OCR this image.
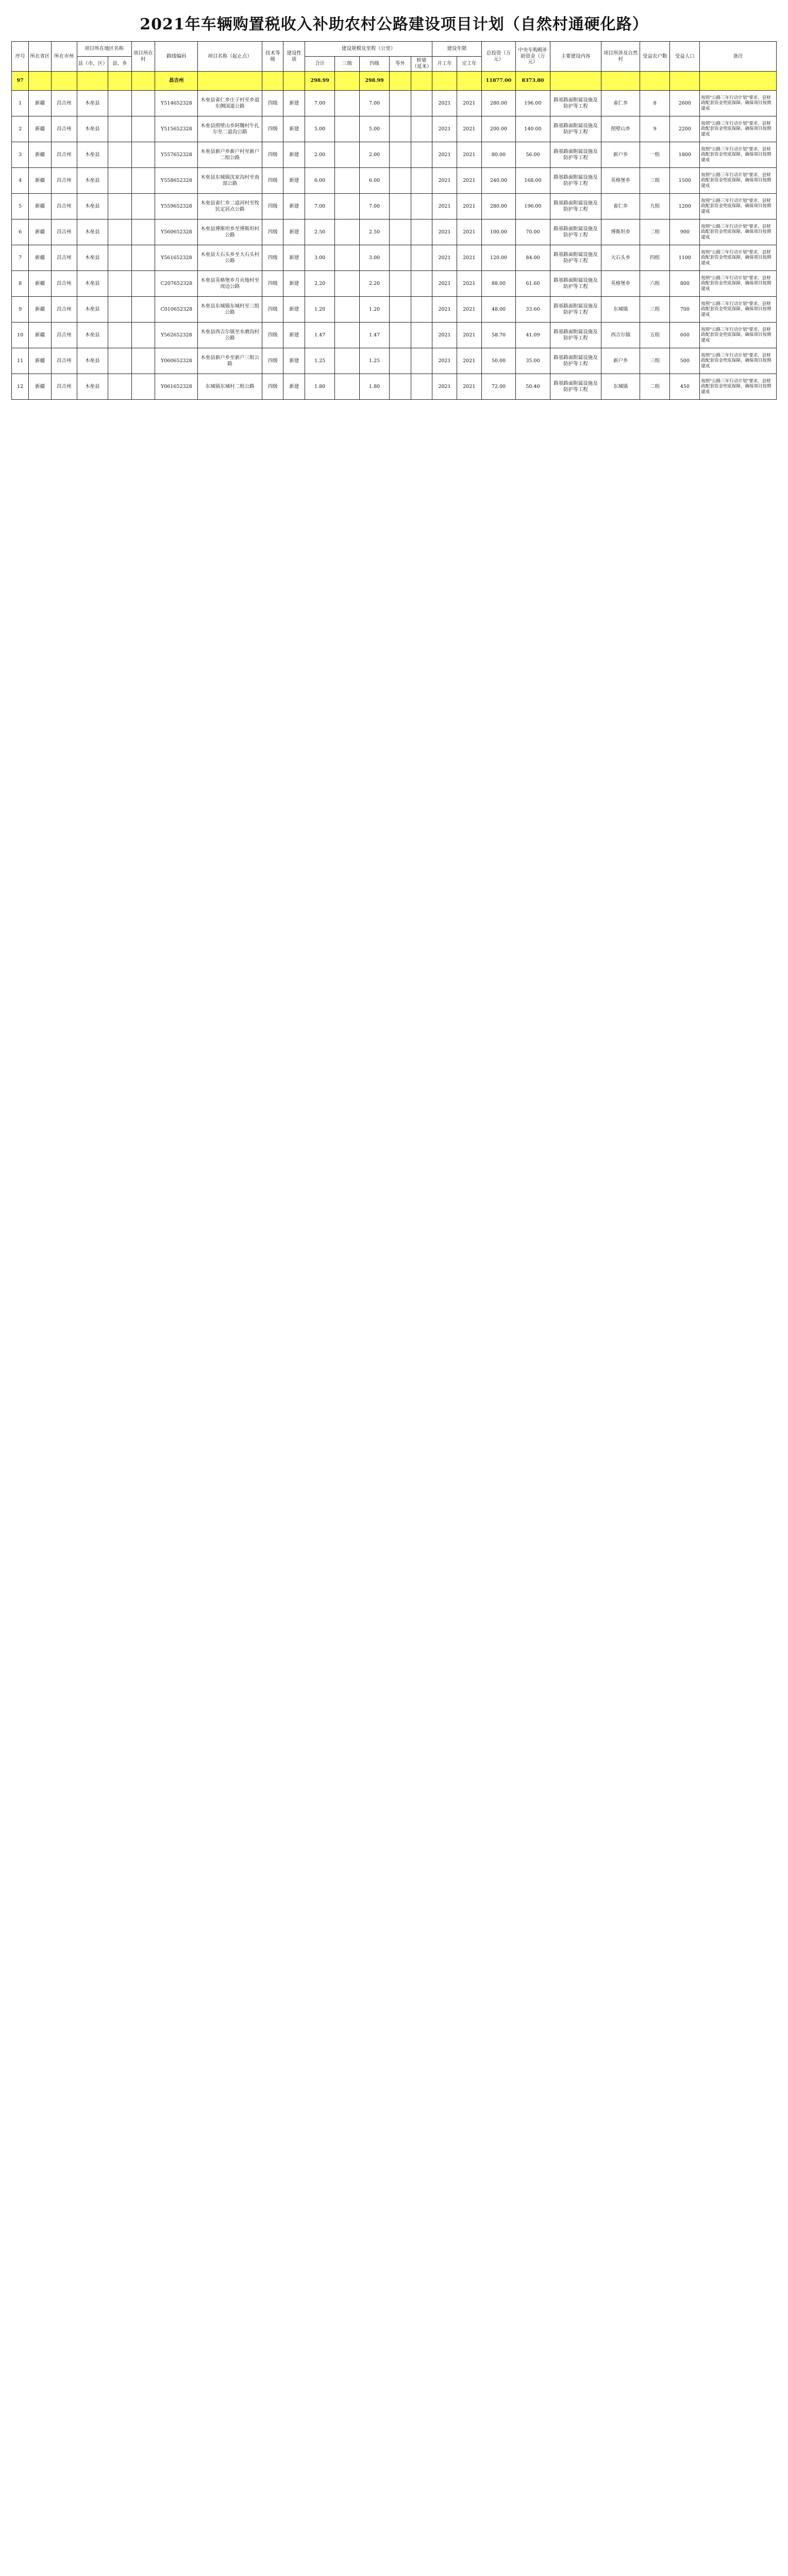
2021年车辆购置税收入补助农村公路建设项目计划（自然村通硬化路）
序号	所在省区	所在市州	项目所在地区名称		项目所在村	路线编码	项目名称（起止点）	技术等级	建设性质	建设规模及里程（公里）					建设年限		总投资（万元）	中央车购税补助资金（万元）	主要建设内容	项目所涉及自然村	受益农户数	受益人口	备注
			县（市、区）	县、乡						合计	三级	四级	等外	桥梁（延米）	开工年	完工年							
97						昌吉州				298.99		298.99					11877.00	8373.80					
1	新疆	昌吉州	木垒县			Y514652328	木垒县雀仁乡庄子村至乡道东侧国道公路	四级	新建	7.00		7.00			2021	2021	280.00	196.00	路基路面附属设施及防护等工程	雀仁乡	8	2600	按照"公路三年行动计划"要求，县财政配套资金兜底保障，确保项目按期建成
2	新疆	昌吉州	木垒县			Y515652328	木垒县照壁山乡阿魏村牛扎尔至二道沟公路	四级	新建	5.00		5.00			2021	2021	200.00	140.00	路基路面附属设施及防护等工程	照壁山乡	9	2200	按照"公路三年行动计划"要求，县财政配套资金兜底保障，确保项目按期建成
3	新疆	昌吉州	木垒县			Y557652328	木垒县新户乡新户村至新户二组公路	四级	新建	2.00		2.00			2021	2021	80.00	56.00	路基路面附属设施及防护等工程	新户乡	一组	1800	按照"公路三年行动计划"要求，县财政配套资金兜底保障，确保项目按期建成
4	新疆	昌吉州	木垒县			Y558652328	木垒县东城镇沈家沟村至南部公路	四级	新建	6.00		6.00			2021	2021	240.00	168.00	路基路面附属设施及防护等工程	英格堡乡	三组	1500	按照"公路三年行动计划"要求，县财政配套资金兜底保障，确保项目按期建成
5	新疆	昌吉州	木垒县			Y559652328	木垒县雀仁乡二道河村至牧民定居点公路	四级	新建	7.00		7.00			2021	2021	280.00	196.00	路基路面附属设施及防护等工程	雀仁乡	九组	1200	按照"公路三年行动计划"要求，县财政配套资金兜底保障，确保项目按期建成
6	新疆	昌吉州	木垒县			Y560652328	木垒县博斯坦乡至博斯坦村公路	四级	新建	2.50		2.50			2021	2021	100.00	70.00	路基路面附属设施及防护等工程	博斯坦乡	二组	900	按照"公路三年行动计划"要求，县财政配套资金兜底保障，确保项目按期建成
7	新疆	昌吉州	木垒县			Y561652328	木垒县大石头乡至大石头村公路	四级	新建	3.00		3.00			2021	2021	120.00	84.00	路基路面附属设施及防护等工程	大石头乡	四组	1100	按照"公路三年行动计划"要求，县财政配套资金兜底保障，确保项目按期建成
8	新疆	昌吉州	木垒县			C207652328	木垒县英格堡乡月亮地村至周边公路	四级	新建	2.20		2.20			2021	2021	88.00	61.60	路基路面附属设施及防护等工程	英格堡乡	六组	800	按照"公路三年行动计划"要求，县财政配套资金兜底保障，确保项目按期建成
9	新疆	昌吉州	木垒县			C010652328	木垒县东城镇东城村至三组公路	四级	新建	1.20		1.20			2021	2021	48.00	33.60	路基路面附属设施及防护等工程	东城镇	三组	700	按照"公路三年行动计划"要求，县财政配套资金兜底保障，确保项目按期建成
10	新疆	昌吉州	木垒县			Y562652328	木垒县西吉尔镇至水磨沟村公路	四级	新建	1.47		1.47			2021	2021	58.70	41.09	路基路面附属设施及防护等工程	西吉尔镇	五组	600	按照"公路三年行动计划"要求，县财政配套资金兜底保障，确保项目按期建成
11	新疆	昌吉州	木垒县			Y060652328	木垒县新户乡至新户三组公路	四级	新建	1.25		1.25			2021	2021	50.00	35.00	路基路面附属设施及防护等工程	新户乡	三组	500	按照"公路三年行动计划"要求，县财政配套资金兜底保障，确保项目按期建成
12	新疆	昌吉州	木垒县			Y061652328	东城镇东城村二组公路	四级	新建	1.80		1.80			2021	2021	72.00	50.40	路基路面附属设施及防护等工程	东城镇	二组	450	按照"公路三年行动计划"要求，县财政配套资金兜底保障，确保项目按期建成
